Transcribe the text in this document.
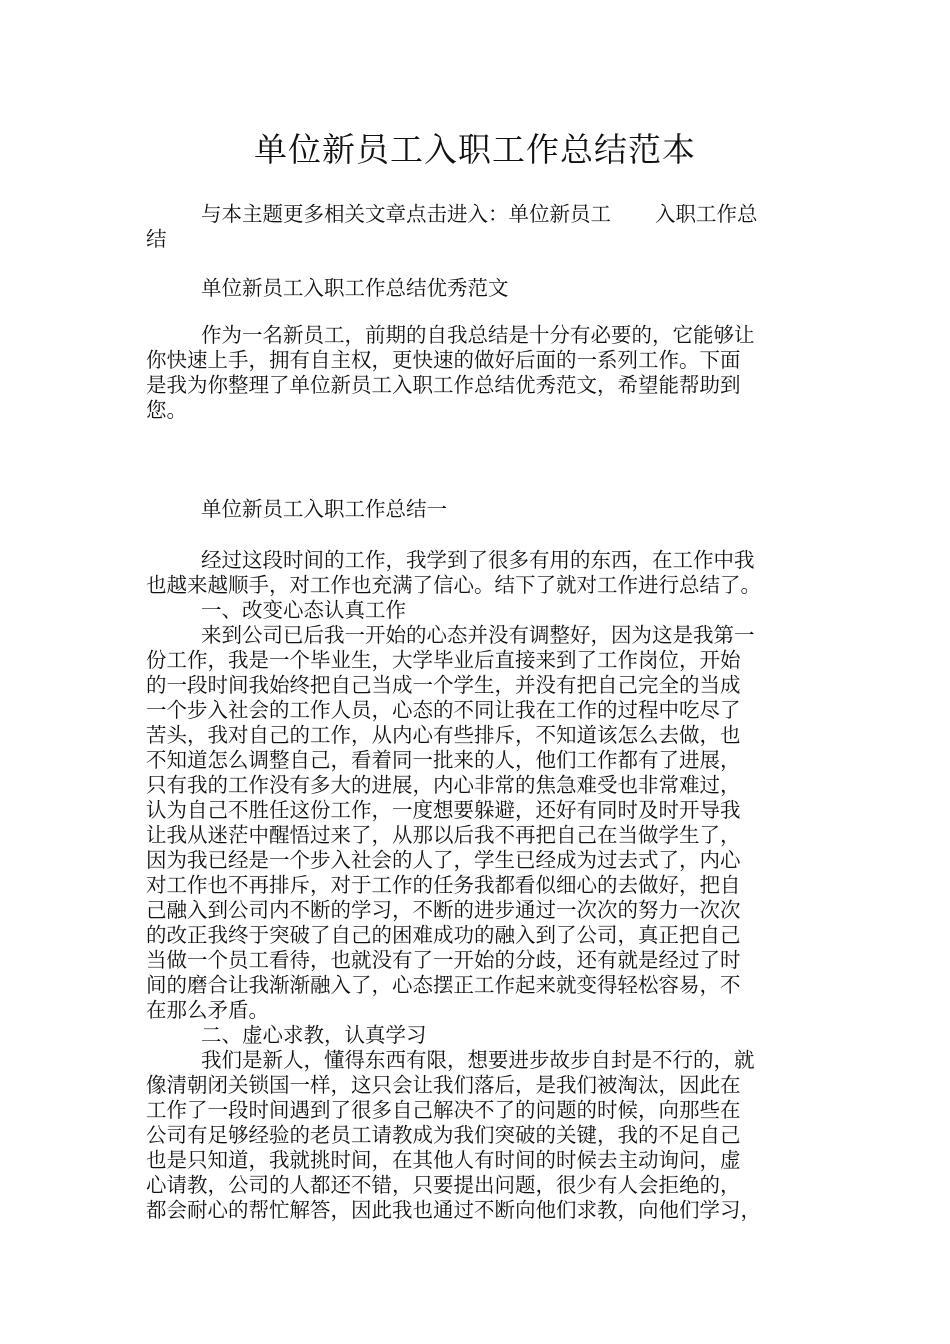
单位新员工入职工作总结范本
与本主题更多相关文章点击进入：单位新员工 入职工作总
结
单位新员工入职工作总结优秀范文
作为一名新员工，前期的自我总结是十分有必要的，它能够让
你快速上手，拥有自主权，更快速的做好后面的一系列工作。下面
是我为你整理了单位新员工入职工作总结优秀范文，希望能帮助到
您。
单位新员工入职工作总结一
经过这段时间的工作，我学到了很多有用的东西，在工作中我
也越来越顺手，对工作也充满了信心。结下了就对工作进行总结了。
一、改变心态认真工作
来到公司已后我一开始的心态并没有调整好，因为这是我第一
份工作，我是一个毕业生，大学毕业后直接来到了工作岗位，开始
的一段时间我始终把自己当成一个学生，并没有把自己完全的当成
一个步入社会的工作人员，心态的不同让我在工作的过程中吃尽了
苦头，我对自己的工作，从内心有些排斥，不知道该怎么去做，也
不知道怎么调整自己，看着同一批来的人，他们工作都有了进展，
只有我的工作没有多大的进展，内心非常的焦急难受也非常难过，
认为自己不胜任这份工作，一度想要躲避，还好有同时及时开导我
让我从迷茫中醒悟过来了，从那以后我不再把自己在当做学生了，
因为我已经是一个步入社会的人了，学生已经成为过去式了，内心
对工作也不再排斥，对于工作的任务我都看似细心的去做好，把自
己融入到公司内不断的学习，不断的进步通过一次次的努力一次次
的改正我终于突破了自己的困难成功的融入到了公司，真正把自己
当做一个员工看待，也就没有了一开始的分歧，还有就是经过了时
间的磨合让我渐渐融入了，心态摆正工作起来就变得轻松容易，不
在那么矛盾。
二、虚心求教，认真学习
我们是新人，懂得东西有限，想要进步故步自封是不行的，就
像清朝闭关锁国一样，这只会让我们落后，是我们被淘汰，因此在
工作了一段时间遇到了很多自己解决不了的问题的时候，向那些在
公司有足够经验的老员工请教成为我们突破的关键，我的不足自己
也是只知道，我就挑时间，在其他人有时间的时候去主动询问，虚
心请教，公司的人都还不错，只要提出问题，很少有人会拒绝的，
都会耐心的帮忙解答，因此我也通过不断向他们求教，向他们学习，
